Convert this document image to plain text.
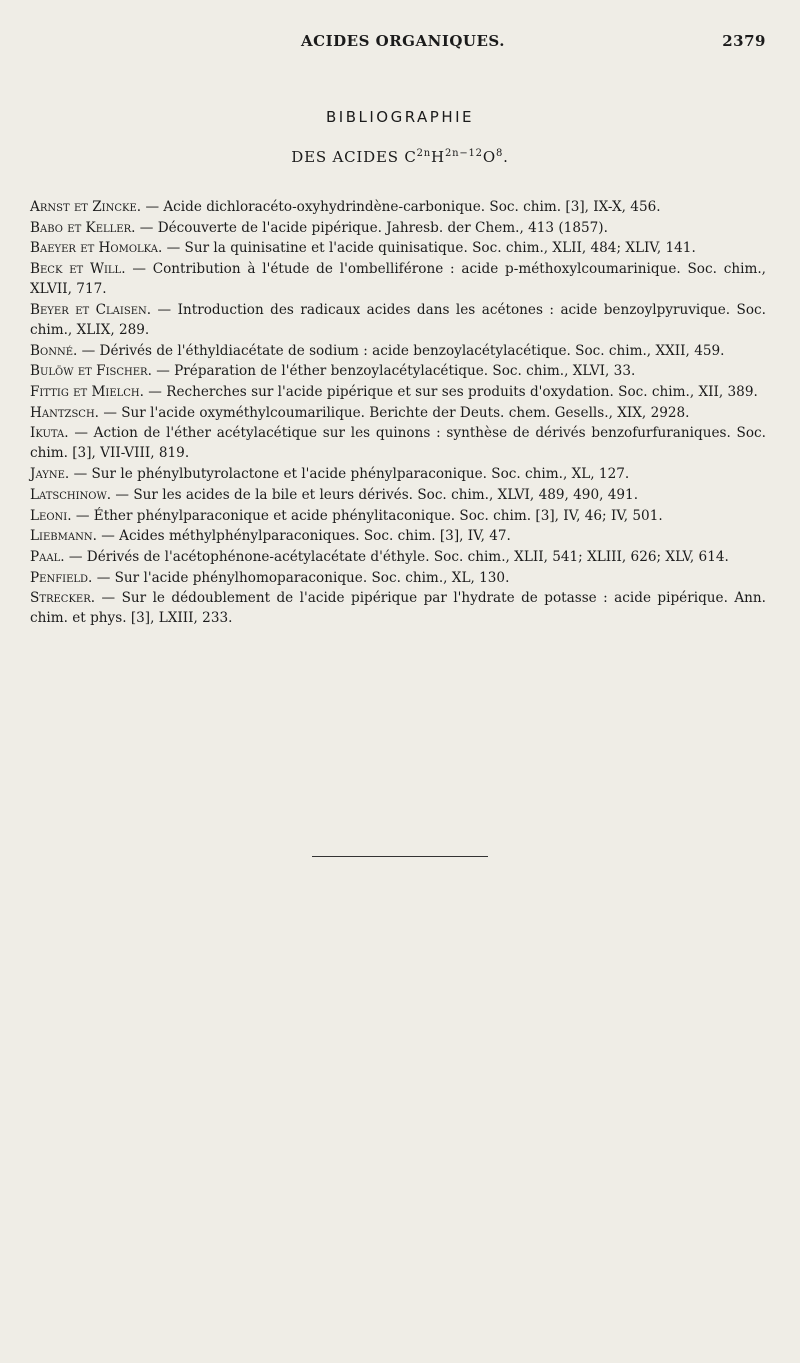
ACIDES ORGANIQUES.	2379
BIBLIOGRAPHIE
DES ACIDES $C^{2n}H^{2n-12}O^8$.

Arnst et Zincke. — Acide dichloracéto-oxyhydrindène-carbonique. Soc. chim. [3], IX-X, 456.

Babo et Keller. — Découverte de l'acide pipérique. Jahresb. der Chem., 413 (1857).

Baeyer et Homolka. — Sur la quinisatine et l'acide quinisatique. Soc. chim., XLII, 484; XLIV, 141.

Beck et Will. — Contribution à l'étude de l'ombelliférone : acide p-méthoxylcoumarinique. Soc. chim., XLVII, 717.

Beyer et Claisen. — Introduction des radicaux acides dans les acétones : acide benzoylpyruvique. Soc. chim., XLIX, 289.

Bonné. — Dérivés de l'éthyldiacétate de sodium : acide benzoylacétylacétique. Soc. chim., XXII, 459.

Bulöw et Fischer. — Préparation de l'éther benzoylacétylacétique. Soc. chim., XLVI, 33.

Fittig et Mielch. — Recherches sur l'acide pipérique et sur ses produits d'oxydation. Soc. chim., XII, 389.

Hantzsch. — Sur l'acide oxyméthylcoumarilique. Berichte der Deuts. chem. Gesells., XIX, 2928.

Ikuta. — Action de l'éther acétylacétique sur les quinons : synthèse de dérivés benzofurfuraniques. Soc. chim. [3], VII-VIII, 819.

Jayne. — Sur le phénylbutyrolactone et l'acide phénylparaconique. Soc. chim., XL, 127.

Latschinow. — Sur les acides de la bile et leurs dérivés. Soc. chim., XLVI, 489, 490, 491.

Leoni. — Éther phénylparaconique et acide phénylitaconique. Soc. chim. [3], IV, 46; IV, 501.

Liebmann. — Acides méthylphénylparaconiques. Soc. chim. [3], IV, 47.

Paal. — Dérivés de l'acétophénone-acétylacétate d'éthyle. Soc. chim., XLII, 541; XLIII, 626; XLV, 614.

Penfield. — Sur l'acide phénylhomoparaconique. Soc. chim., XL, 130.

Strecker. — Sur le dédoublement de l'acide pipérique par l'hydrate de potasse : acide pipérique. Ann. chim. et phys. [3], LXIII, 233.
